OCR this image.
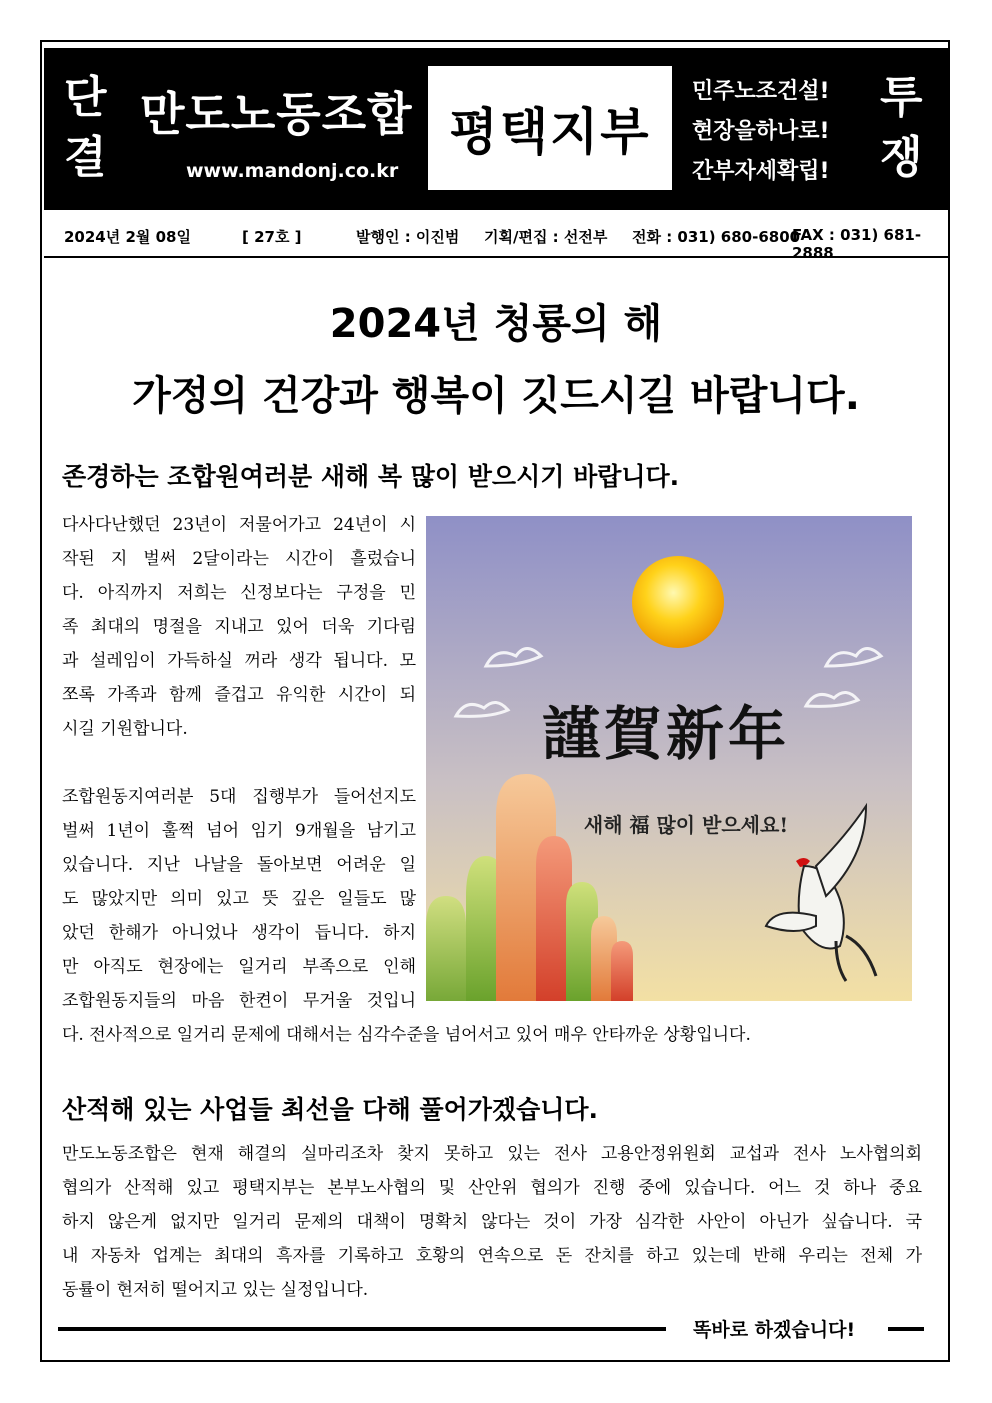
단
결
만도노동조합
www.mandonj.co.kr
평택지부
민주노조건설!
현장을하나로!
간부자세확립!
투
쟁
2024년 2월 08일	[ 27호 ]	발행인 : 이진범 기획/편집 : 선전부 전화 : 031) 680-6800
FAX : 031) 681-2888
2024년 청룡의 해
가정의 건강과 행복이 깃드시길 바랍니다.
존경하는 조합원여러분 새해 복 많이 받으시기 바랍니다.
다사다난했던 23년이 저물어가고 24년이 시
작된 지 벌써 2달이라는 시간이 흘렀습니
다. 아직까지 저희는 신정보다는 구정을 민
족 최대의 명절을 지내고 있어 더욱 기다림
과 설레임이 가득하실 꺼라 생각 됩니다. 모
쪼록 가족과 함께 즐겁고 유익한 시간이 되
시길 기원합니다.
조합원동지여러분 5대 집행부가 들어선지도
벌써 1년이 훌쩍 넘어 임기 9개월을 남기고
있습니다. 지난 나날을 돌아보면 어려운 일
도 많았지만 의미 있고 뜻 깊은 일들도 많
았던 한해가 아니었나 생각이 듭니다. 하지
만 아직도 현장에는 일거리 부족으로 인해
조합원동지들의 마음 한켠이 무거울 것입니
다. 전사적으로 일거리 문제에 대해서는 심각수준을 넘어서고 있어 매우 안타까운 상황입니다.
謹賀新年
새해 福 많이 받으세요!
산적해 있는 사업들 최선을 다해 풀어가겠습니다.
만도노동조합은 현재 해결의 실마리조차 찾지 못하고 있는 전사 고용안정위원회 교섭과 전사 노사협의회
협의가 산적해 있고 평택지부는 본부노사협의 및 산안위 협의가 진행 중에 있습니다. 어느 것 하나 중요
하지 않은게 없지만 일거리 문제의 대책이 명확치 않다는 것이 가장 심각한 사안이 아닌가 싶습니다. 국
내 자동차 업계는 최대의 흑자를 기록하고 호황의 연속으로 돈 잔치를 하고 있는데 반해 우리는 전체 가
동률이 현저히 떨어지고 있는 실정입니다.
똑바로 하겠습니다!
